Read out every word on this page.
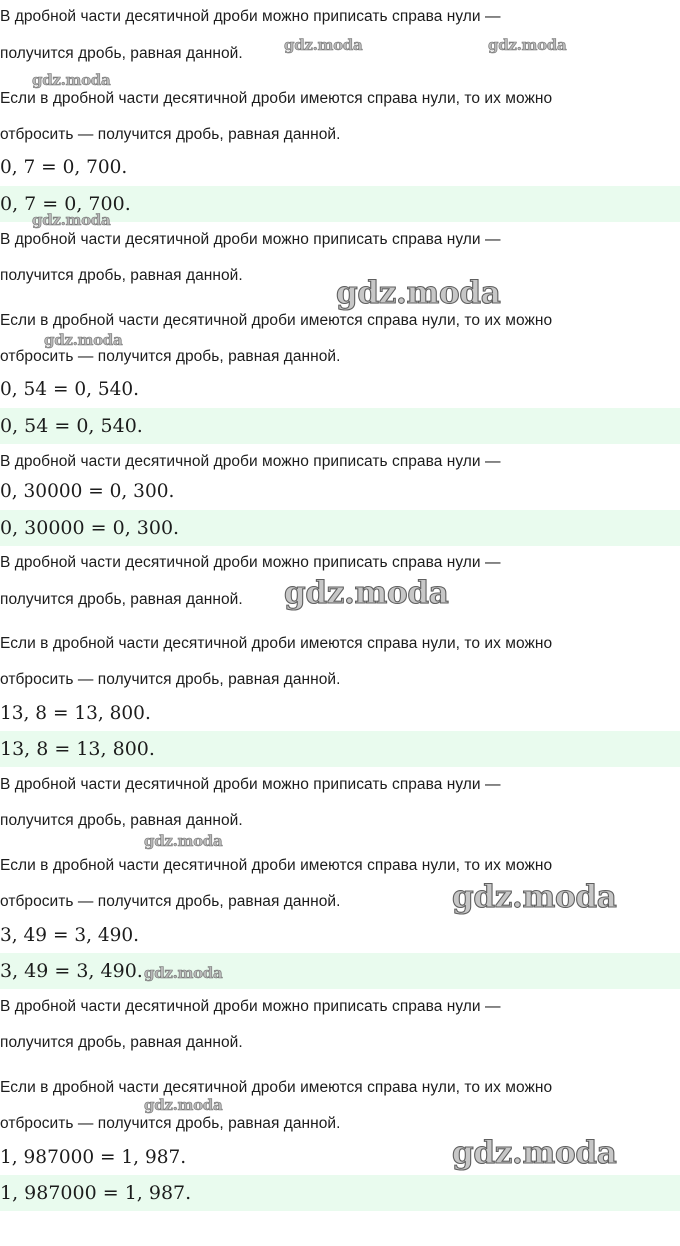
В дробной части десятичной дроби можно приписать справа нули —
получится дробь, равная данной.
Если в дробной части десятичной дроби имеются справа нули, то их можно
отбросить — получится дробь, равная данной.
0, 7 = 0, 700.
0, 7 = 0, 700.
В дробной части десятичной дроби можно приписать справа нули —
получится дробь, равная данной.
Если в дробной части десятичной дроби имеются справа нули, то их можно
отбросить — получится дробь, равная данной.
0, 54 = 0, 540.
0, 54 = 0, 540.
В дробной части десятичной дроби можно приписать справа нули —
0, 30000 = 0, 300.
0, 30000 = 0, 300.
В дробной части десятичной дроби можно приписать справа нули —
получится дробь, равная данной.
Если в дробной части десятичной дроби имеются справа нули, то их можно
отбросить — получится дробь, равная данной.
13, 8 = 13, 800.
13, 8 = 13, 800.
В дробной части десятичной дроби можно приписать справа нули —
получится дробь, равная данной.
Если в дробной части десятичной дроби имеются справа нули, то их можно
отбросить — получится дробь, равная данной.
3, 49 = 3, 490.
3, 49 = 3, 490.
В дробной части десятичной дроби можно приписать справа нули —
получится дробь, равная данной.
Если в дробной части десятичной дроби имеются справа нули, то их можно
отбросить — получится дробь, равная данной.
1, 987000 = 1, 987.
1, 987000 = 1, 987.
gdz.moda	gdz.moda
gdz.moda
gdz.moda
gdz.moda
gdz.moda
gdz.moda
gdz.moda
gdz.moda
gdz.moda
gdz.moda
gdz.moda
